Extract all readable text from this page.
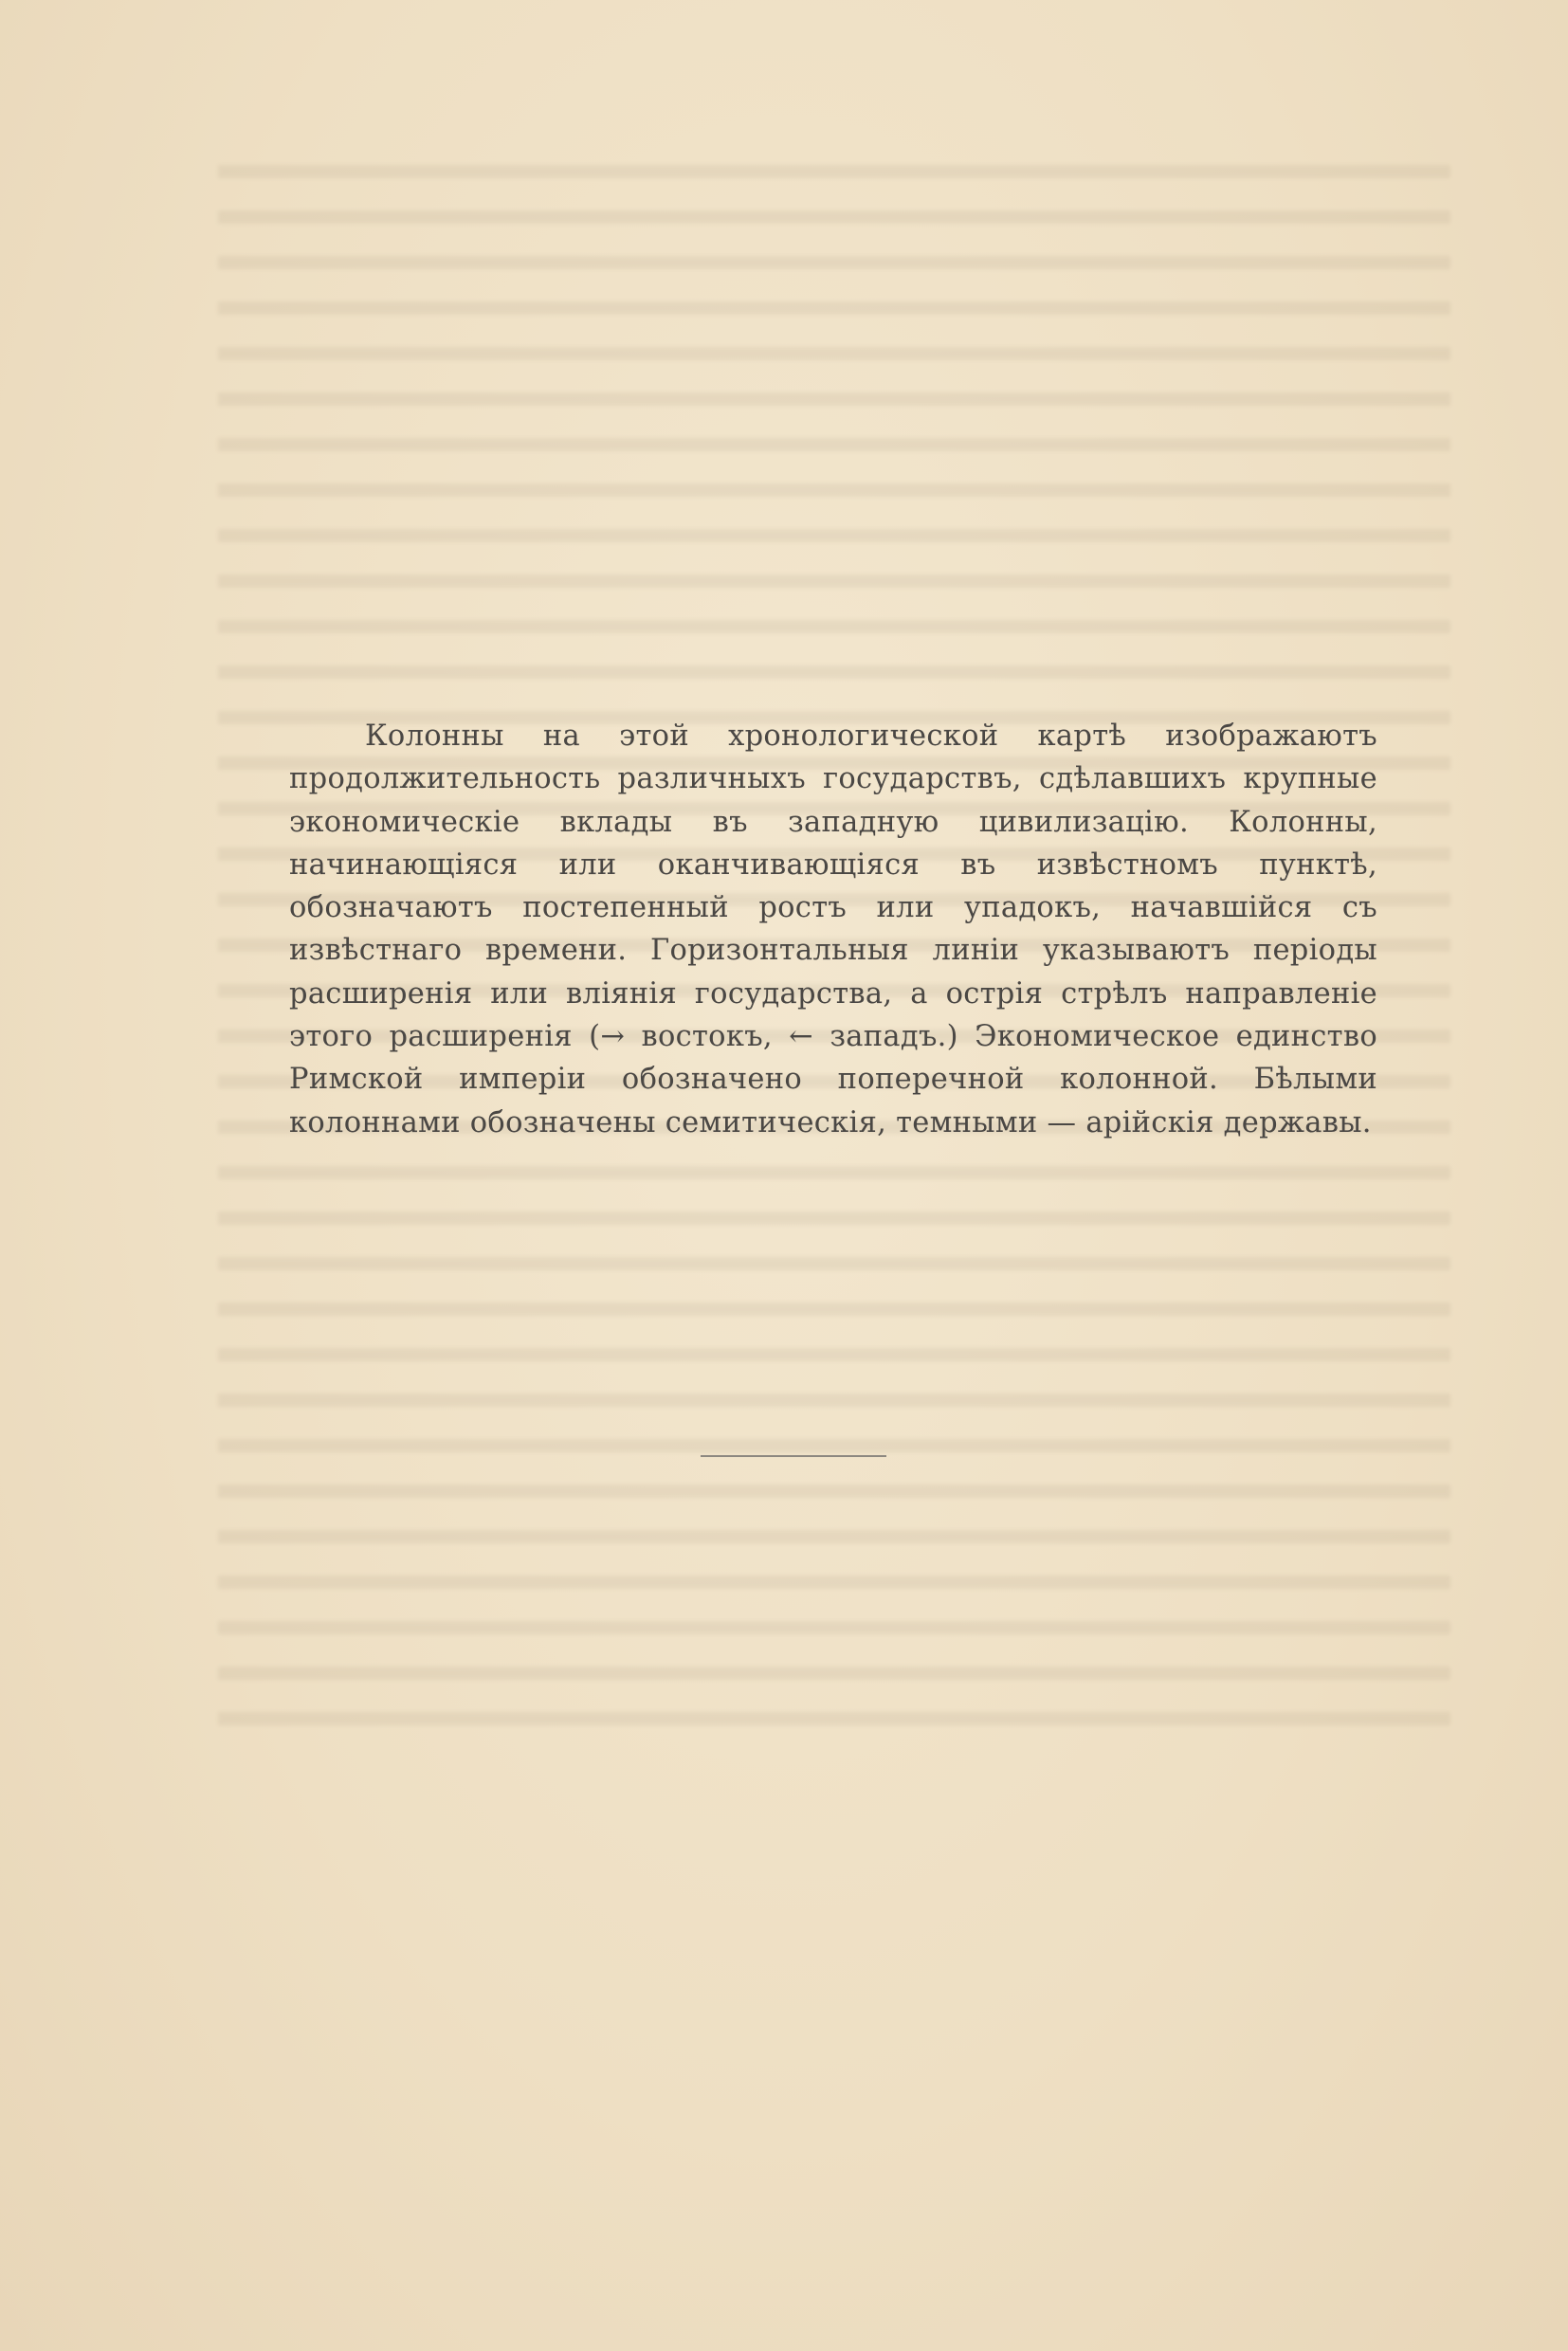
Колонны на этой хронологической картѣ изображаютъ продолжительность различныхъ государствъ, сдѣлавшихъ крупные экономическіе вклады въ западную цивилизацію. Колонны, начинающіяся или оканчивающіяся въ извѣстномъ пунктѣ, обозначаютъ постепенный ростъ или упадокъ, начавшійся съ извѣстнаго времени. Горизонтальныя линіи указываютъ періоды расширенія или вліянія государства, а острія стрѣлъ направленіе этого расширенія (→ востокъ, ← западъ.) Экономическое единство Римской имперіи обозначено поперечной колонной. Бѣлыми колоннами обозначены семитическія, темными — арійскія державы.
